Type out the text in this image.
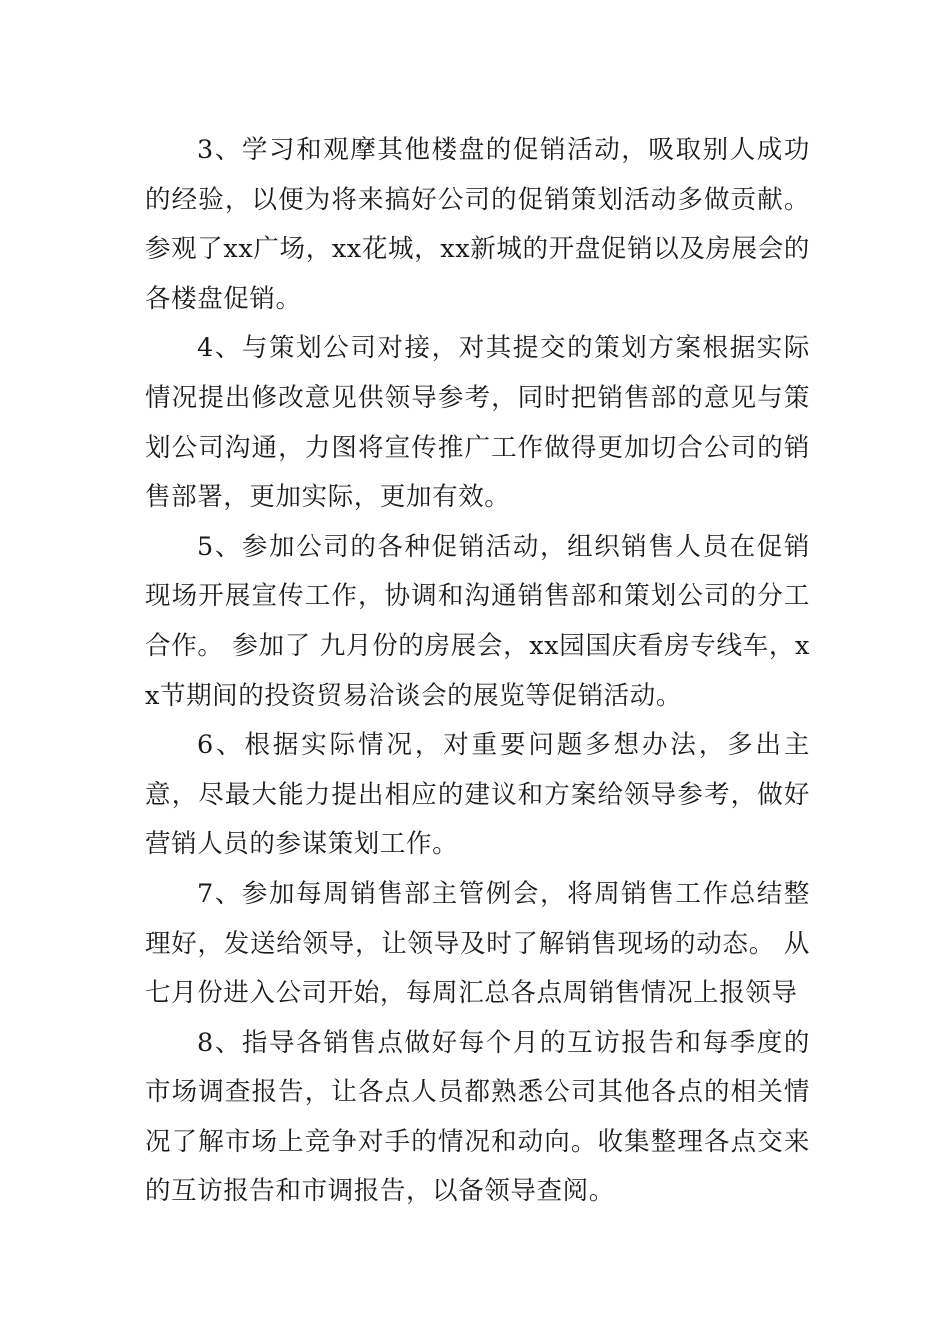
3、学习和观摩其他楼盘的促销活动，吸取别人成功的经验，以便为将来搞好公司的促销策划活动多做贡献。 参观了xx广场，xx花城，xx新城的开盘促销以及房展会的各楼盘促销。

4、与策划公司对接，对其提交的策划方案根据实际情况提出修改意见供领导参考，同时把销售部的意见与策划公司沟通，力图将宣传推广工作做得更加切合公司的销售部署，更加实际，更加有效。

5、参加公司的各种促销活动，组织销售人员在促销现场开展宣传工作，协调和沟通销售部和策划公司的分工合作。 参加了 九月份的房展会，xx园国庆看房专线车，xx节期间的投资贸易洽谈会的展览等促销活动。

6、根据实际情况，对重要问题多想办法，多出主意，尽最大能力提出相应的建议和方案给领导参考，做好营销人员的参谋策划工作。

7、参加每周销售部主管例会，将周销售工作总结整理好，发送给领导，让领导及时了解销售现场的动态。 从七月份进入公司开始，每周汇总各点周销售情况上报领导

8、指导各销售点做好每个月的互访报告和每季度的市场调查报告，让各点人员都熟悉公司其他各点的相关情况了解市场上竞争对手的情况和动向。收集整理各点交来的互访报告和市调报告，以备领导查阅。
